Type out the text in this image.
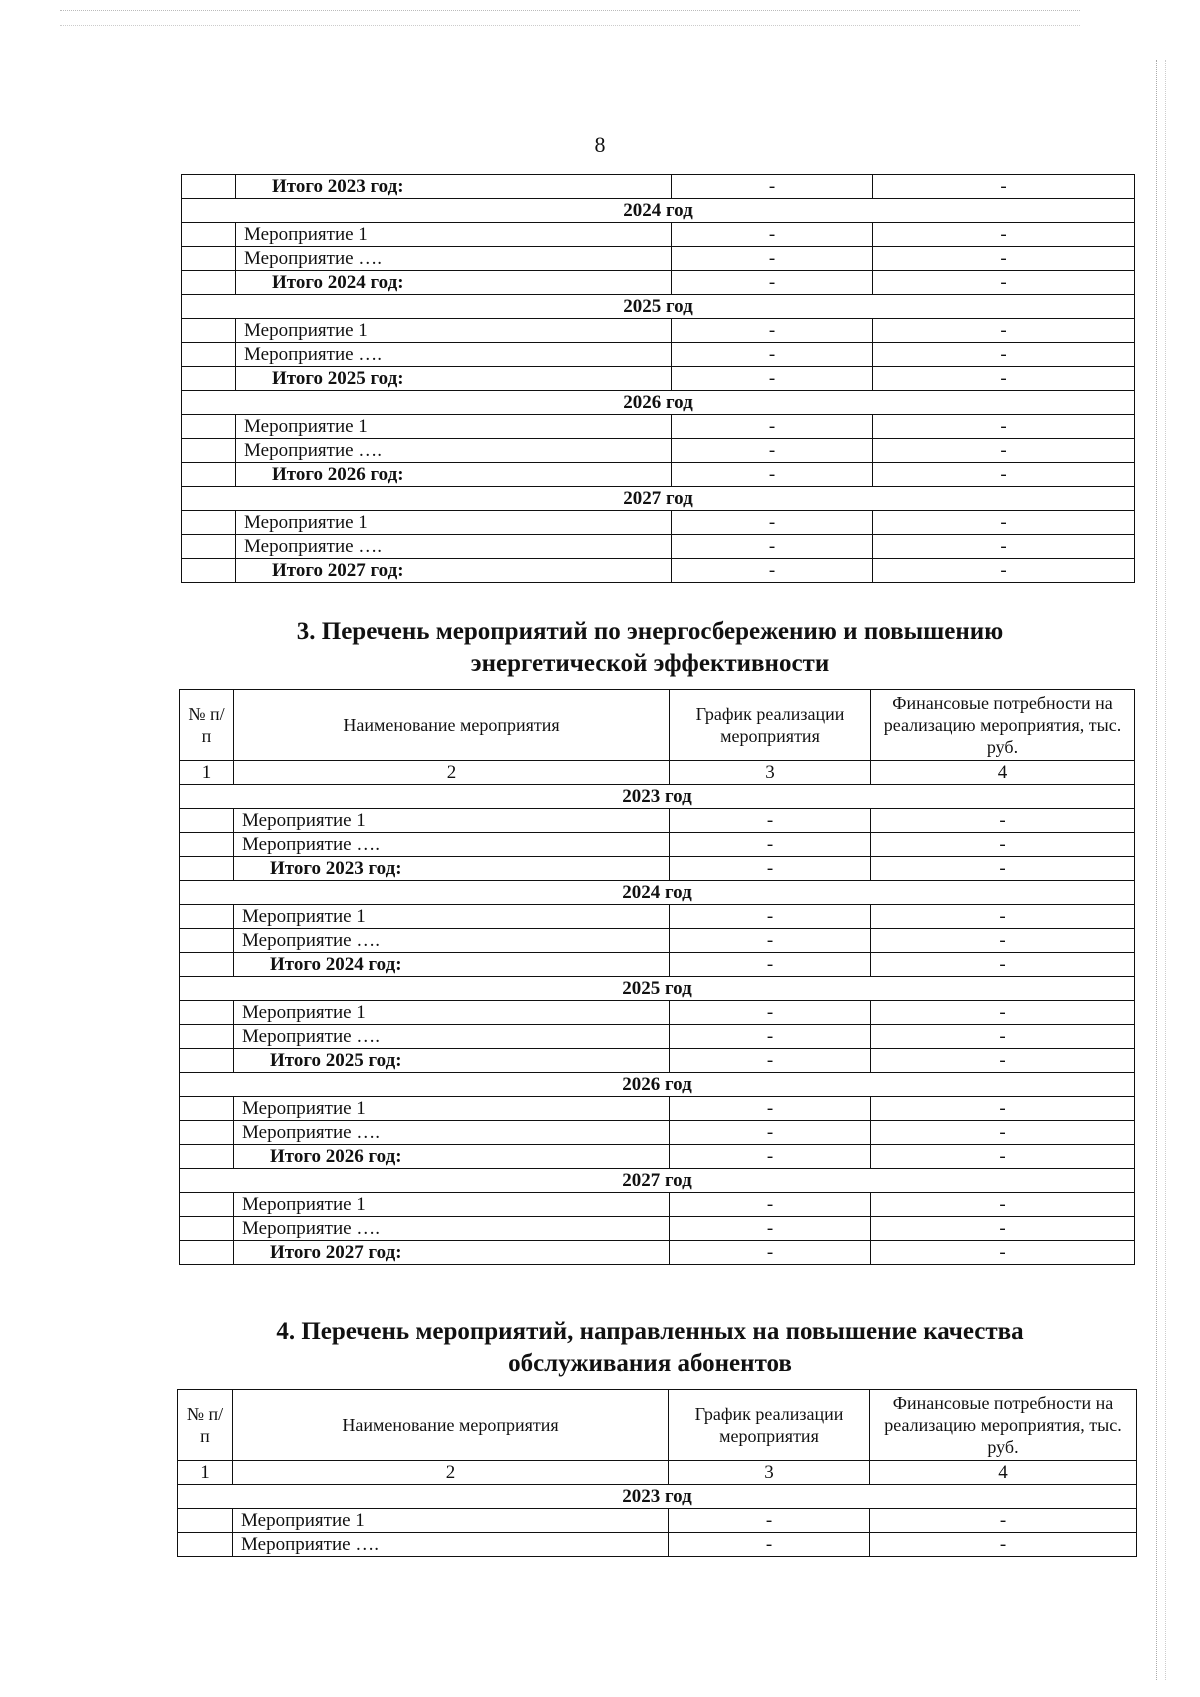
8
	Итого 2023 год:	-	-
2024 год			
	Мероприятие 1	-	-
	Мероприятие ….	-	-
	Итого 2024 год:	-	-
2025 год			
	Мероприятие 1	-	-
	Мероприятие ….	-	-
	Итого 2025 год:	-	-
2026 год			
	Мероприятие 1	-	-
	Мероприятие ….	-	-
	Итого 2026 год:	-	-
2027 год			
	Мероприятие 1	-	-
	Мероприятие ….	-	-
	Итого 2027 год:	-	-
3. Перечень мероприятий по энергосбережению и повышению энергетической эффективности
№ п/п	Наименование мероприятия	График реализации мероприятия	Финансовые потребности на реализацию мероприятия, тыс. руб.
1	2	3	4
2023 год			
	Мероприятие 1	-	-
	Мероприятие ….	-	-
	Итого 2023 год:	-	-
2024 год			
	Мероприятие 1	-	-
	Мероприятие ….	-	-
	Итого 2024 год:	-	-
2025 год			
	Мероприятие 1	-	-
	Мероприятие ….	-	-
	Итого 2025 год:	-	-
2026 год			
	Мероприятие 1	-	-
	Мероприятие ….	-	-
	Итого 2026 год:	-	-
2027 год			
	Мероприятие 1	-	-
	Мероприятие ….	-	-
	Итого 2027 год:	-	-
4. Перечень мероприятий, направленных на повышение качества обслуживания абонентов
№ п/п	Наименование мероприятия	График реализации мероприятия	Финансовые потребности на реализацию мероприятия, тыс. руб.
1	2	3	4
2023 год			
	Мероприятие 1	-	-
	Мероприятие ….	-	-
